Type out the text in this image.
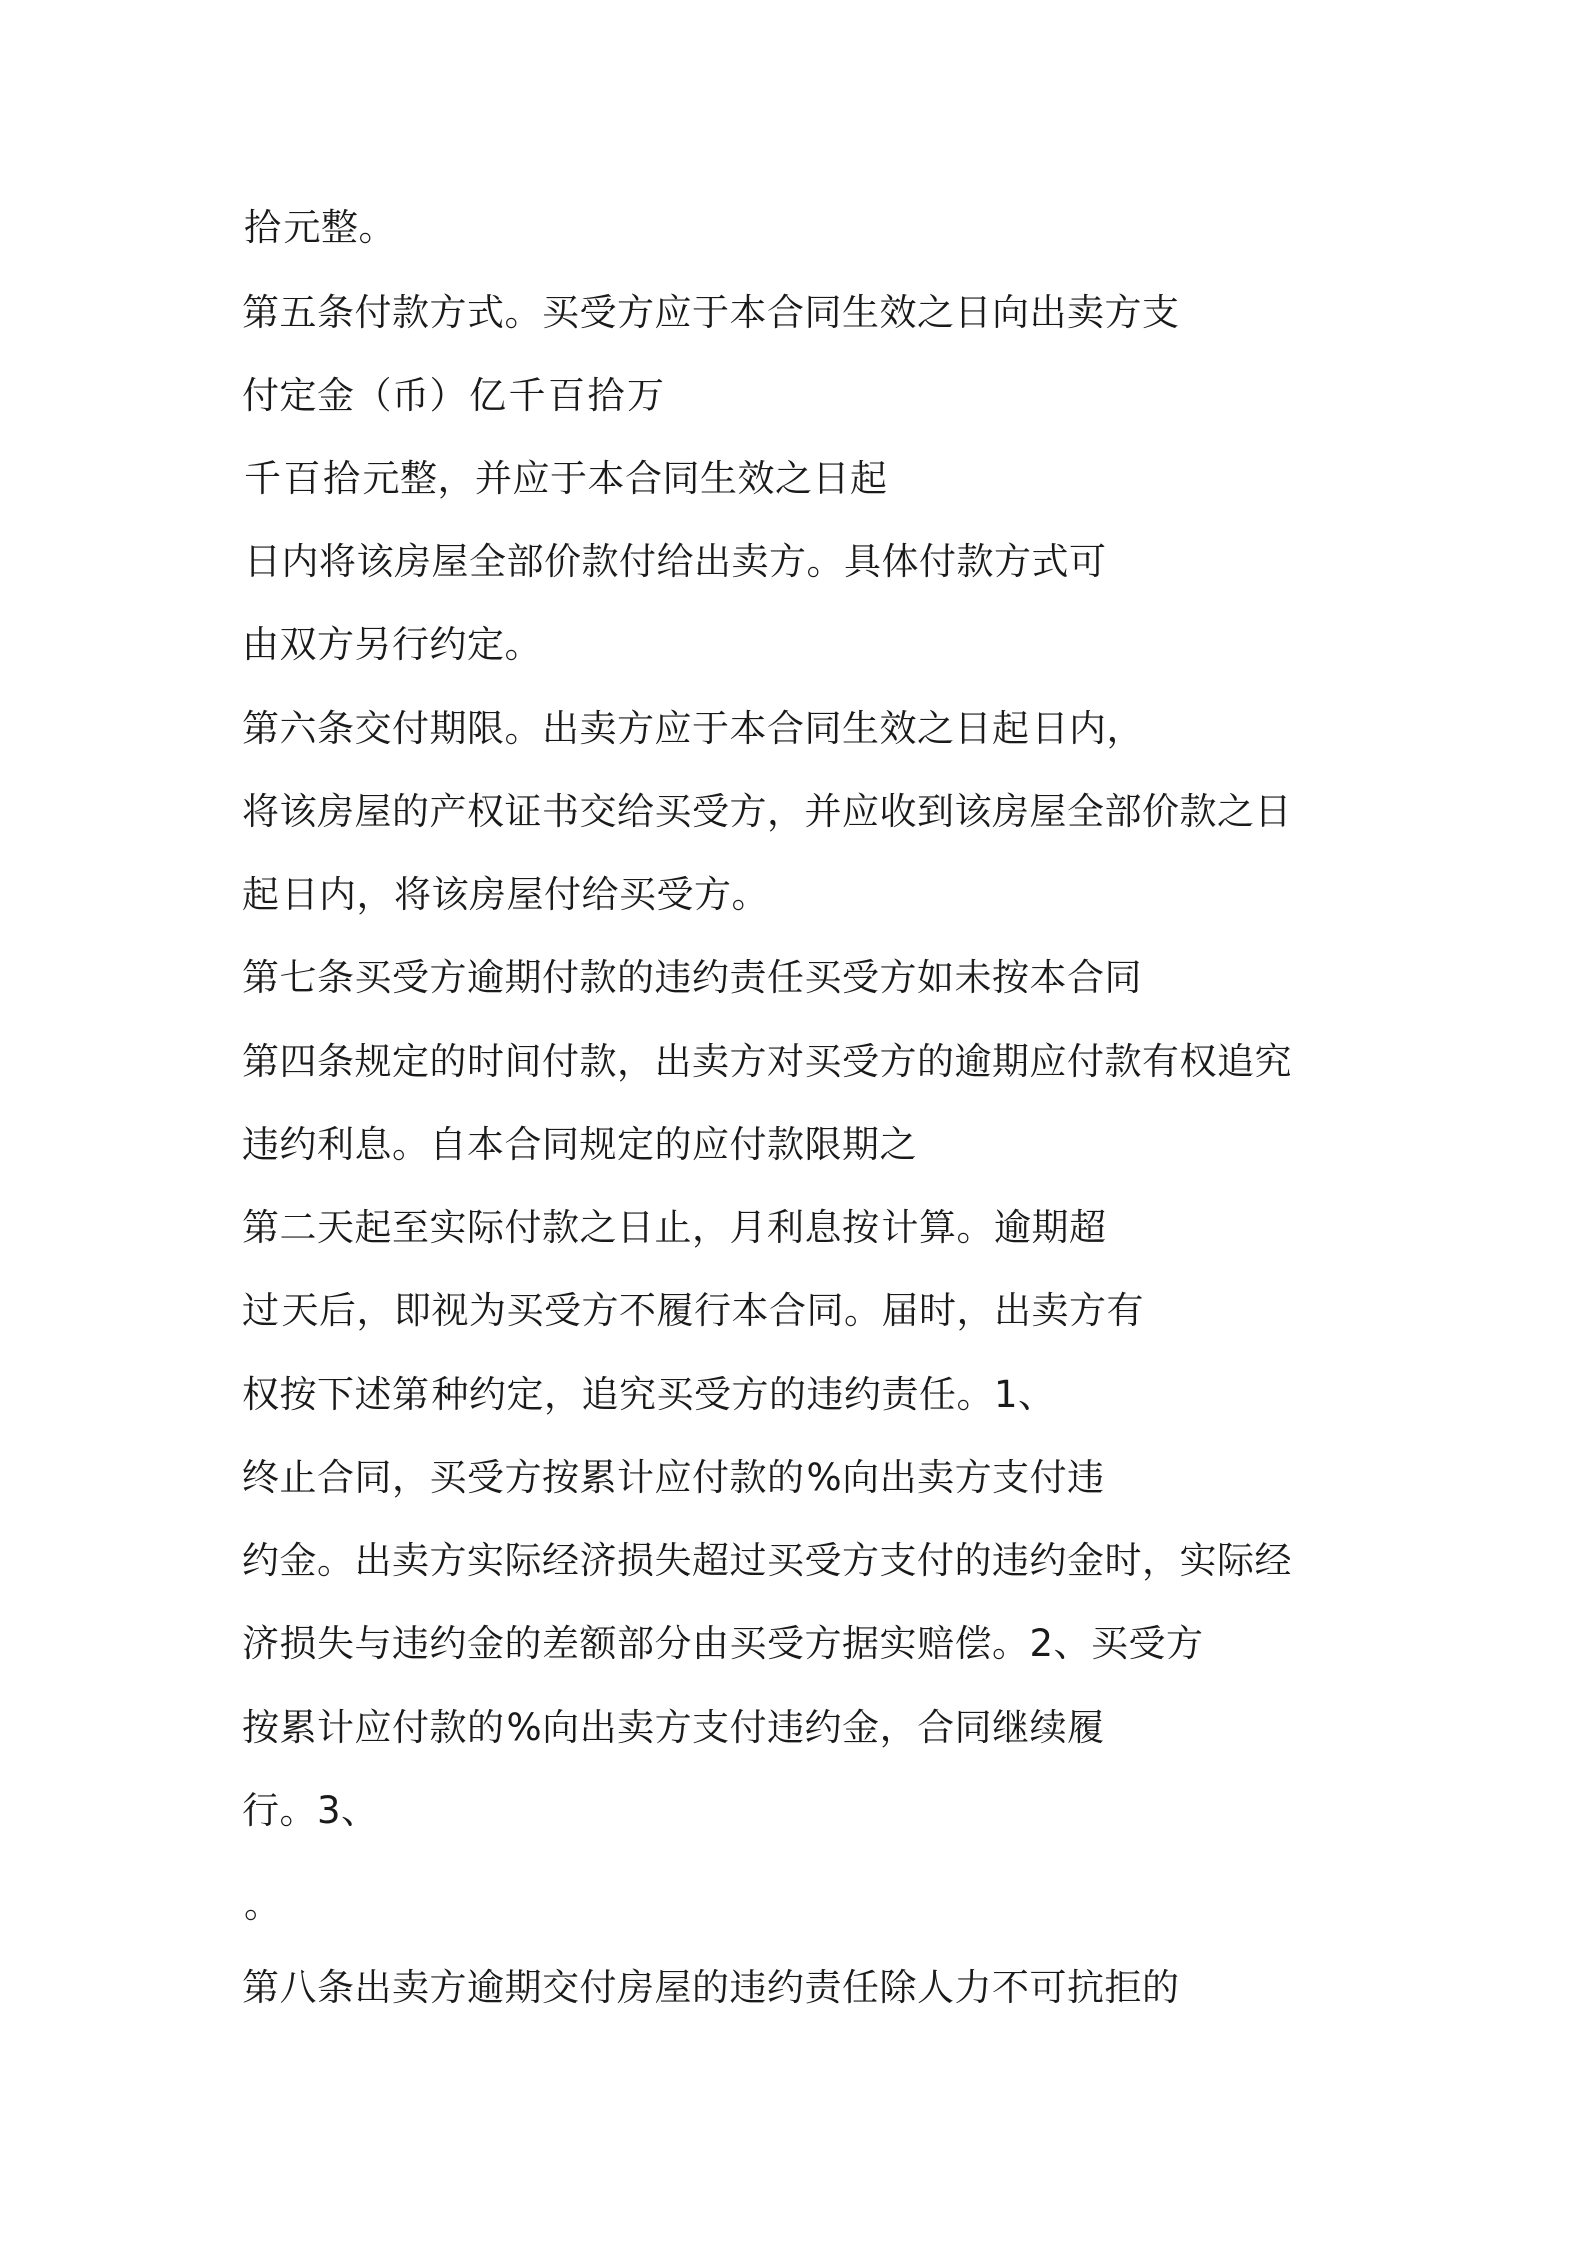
拾元整。
第五条付款方式。买受方应于本合同生效之日向出卖方支
付定金（币）亿千百拾万
千百拾元整，并应于本合同生效之日起
日内将该房屋全部价款付给出卖方。具体付款方式可
由双方另行约定。
第六条交付期限。出卖方应于本合同生效之日起日内，
将该房屋的产权证书交给买受方，并应收到该房屋全部价款之日
起日内，将该房屋付给买受方。
第七条买受方逾期付款的违约责任买受方如未按本合同
第四条规定的时间付款，出卖方对买受方的逾期应付款有权追究
违约利息。自本合同规定的应付款限期之
第二天起至实际付款之日止，月利息按计算。逾期超
过天后，即视为买受方不履行本合同。届时，出卖方有
权按下述第种约定，追究买受方的违约责任。1、
终止合同，买受方按累计应付款的%向出卖方支付违
约金。出卖方实际经济损失超过买受方支付的违约金时，实际经
济损失与违约金的差额部分由买受方据实赔偿。2、买受方
按累计应付款的%向出卖方支付违约金，合同继续履
行。3、
。
第八条出卖方逾期交付房屋的违约责任除人力不可抗拒的
